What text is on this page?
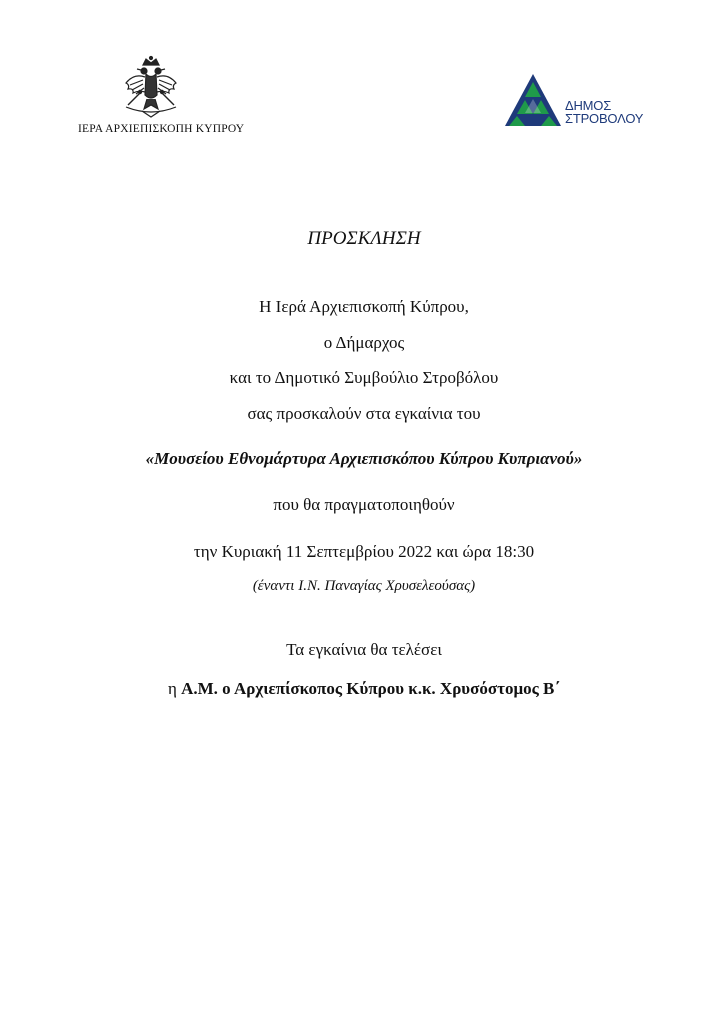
ΙΕΡΑ ΑΡΧΙΕΠΙΣΚΟΠΗ ΚΥΠΡΟΥ
ΔΗΜΟΣ
ΣΤΡΟΒΟΛΟΥ
ΠΡΟΣΚΛΗΣΗ
Η Ιερά Αρχιεπισκοπή Κύπρου,
ο Δήμαρχος
και το Δημοτικό Συμβούλιο Στροβόλου
σας προσκαλούν στα εγκαίνια του
«Μουσείου Εθνομάρτυρα Αρχιεπισκόπου Κύπρου Κυπριανού»
που θα πραγματοποιηθούν
την Κυριακή 11 Σεπτεμβρίου 2022 και ώρα 18:30
(έναντι Ι.Ν. Παναγίας Χρυσελεούσας)
Τα εγκαίνια θα τελέσει
η Α.Μ. ο Αρχιεπίσκοπος Κύπρου κ.κ. Χρυσόστομος Β΄
